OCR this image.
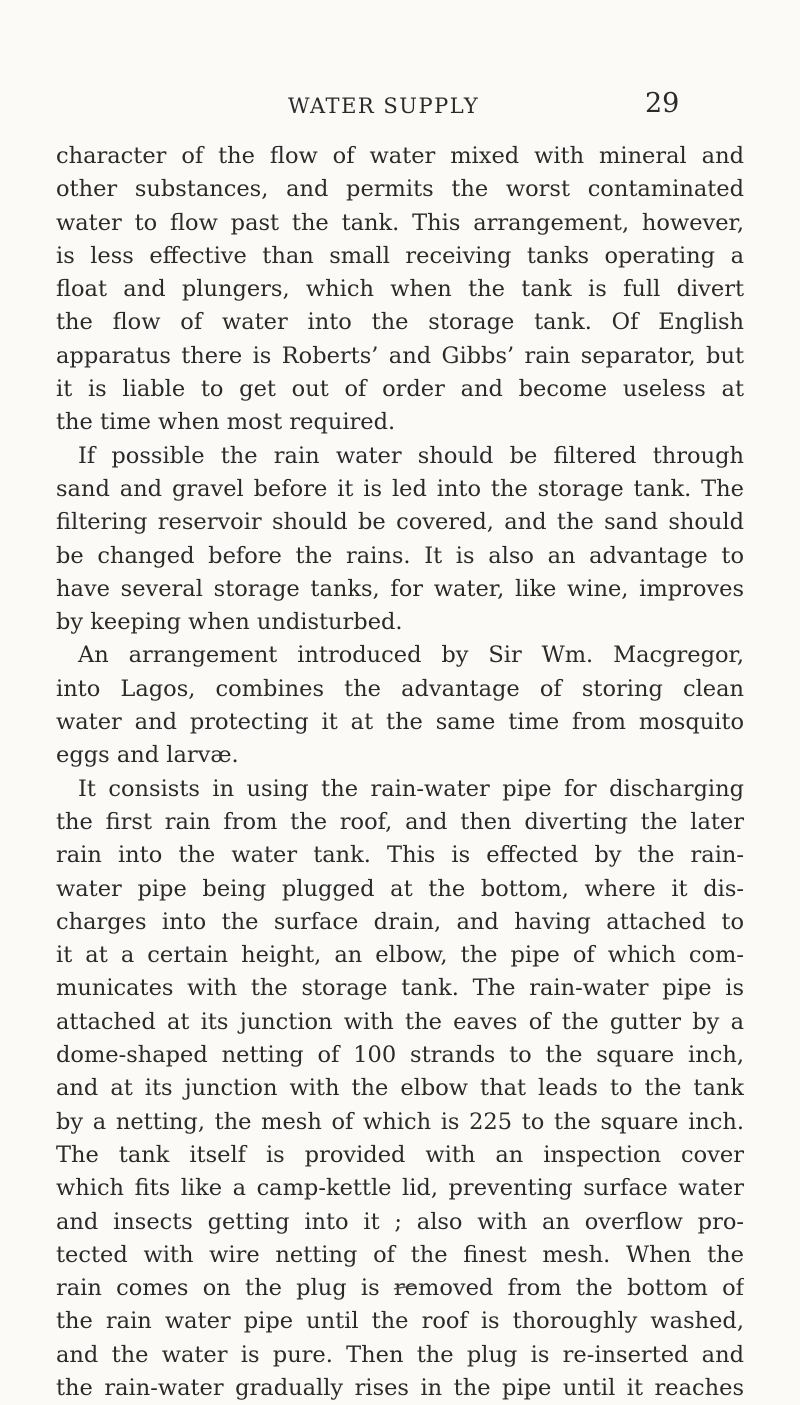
WATER SUPPLY	29
character of the flow of water mixed with mineral and
other substances, and permits the worst contaminated
water to flow past the tank. This arrangement, however,
is less effective than small receiving tanks operating a
float and plungers, which when the tank is full divert
the flow of water into the storage tank. Of English
apparatus there is Roberts’ and Gibbs’ rain separator, but
it is liable to get out of order and become useless at
the time when most required.
If possible the rain water should be filtered through
sand and gravel before it is led into the storage tank. The
filtering reservoir should be covered, and the sand should
be changed before the rains. It is also an advantage to
have several storage tanks, for water, like wine, improves
by keeping when undisturbed.
An arrangement introduced by Sir Wm. Macgregor,
into Lagos, combines the advantage of storing clean
water and protecting it at the same time from mosquito
eggs and larvæ.
It consists in using the rain-water pipe for discharging
the first rain from the roof, and then diverting the later
rain into the water tank. This is effected by the rain-
water pipe being plugged at the bottom, where it dis-
charges into the surface drain, and having attached to
it at a certain height, an elbow, the pipe of which com-
municates with the storage tank. The rain-water pipe is
attached at its junction with the eaves of the gutter by a
dome-shaped netting of 100 strands to the square inch,
and at its junction with the elbow that leads to the tank
by a netting, the mesh of which is 225 to the square inch.
The tank itself is provided with an inspection cover
which fits like a camp-kettle lid, preventing surface water
and insects getting into it ; also with an overflow pro-
tected with wire netting of the finest mesh. When the
rain comes on the plug is removed from the bottom of
the rain water pipe until the roof is thoroughly washed,
and the water is pure. Then the plug is re-inserted and
the rain-water gradually rises in the pipe until it reaches
